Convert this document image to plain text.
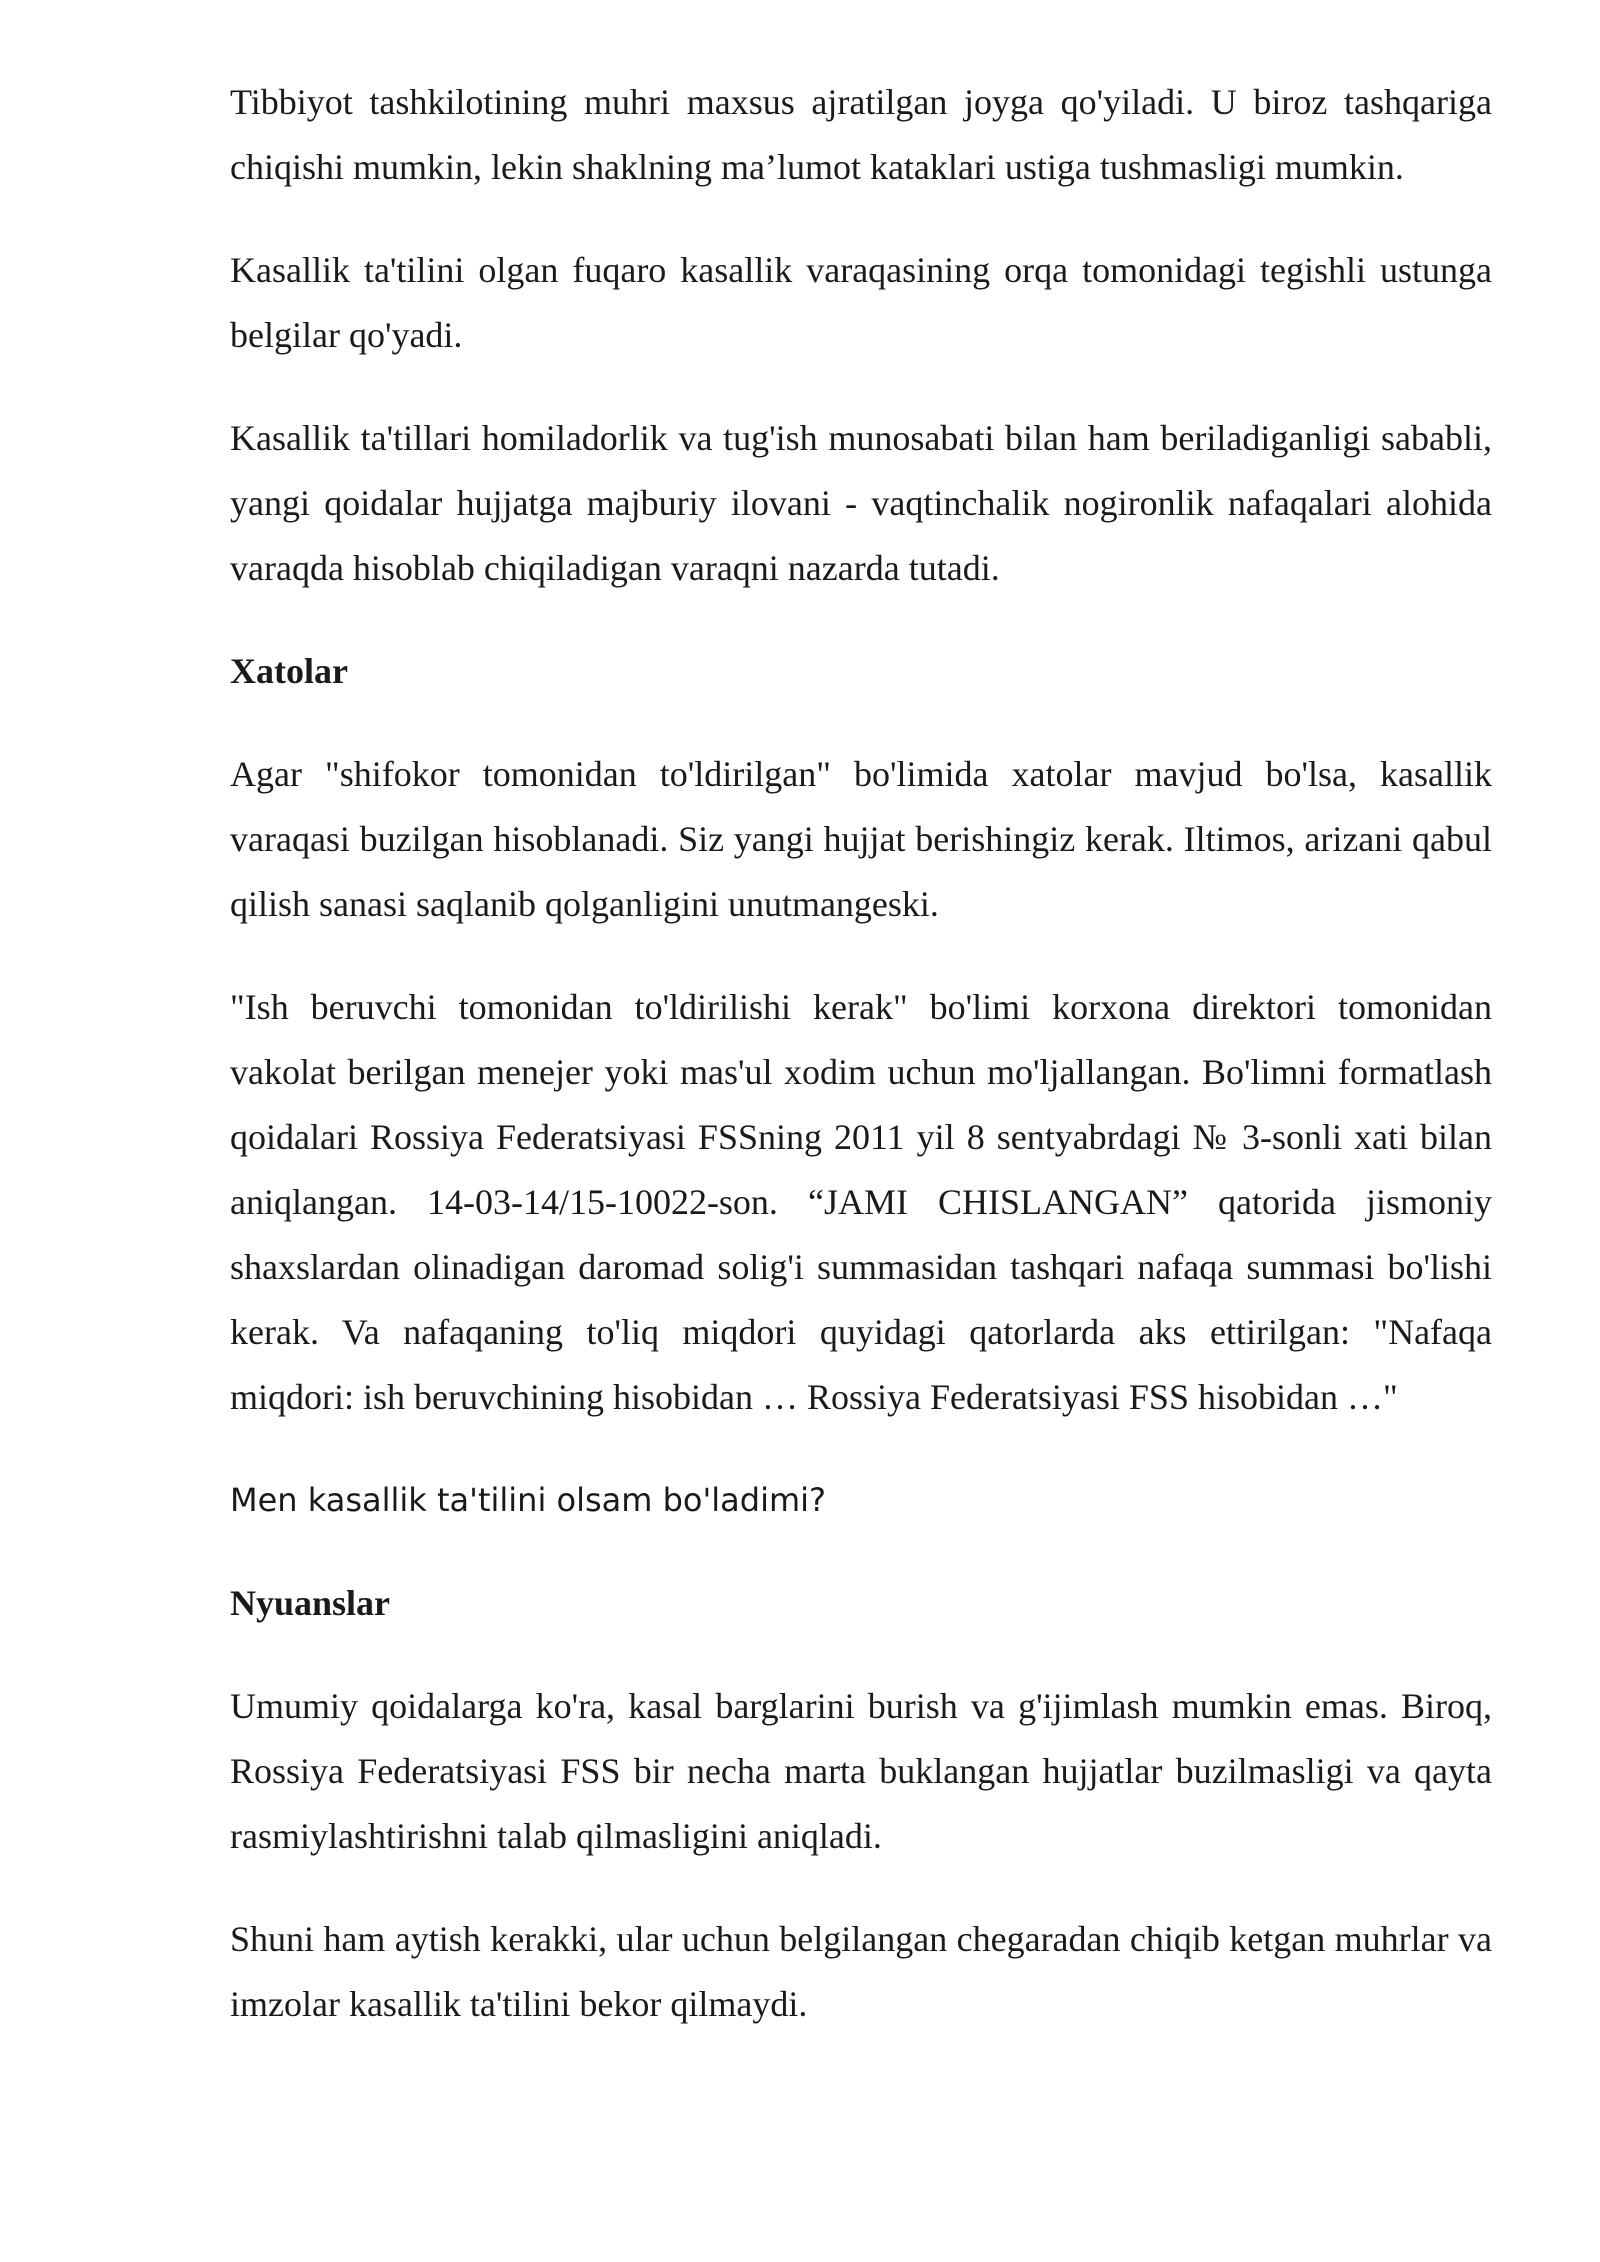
Tibbiyot tashkilotining muhri maxsus ajratilgan joyga qo'yiladi. U biroz tashqariga chiqishi mumkin, lekin shaklning ma’lumot kataklari ustiga tushmasligi mumkin.

Kasallik ta'tilini olgan fuqaro kasallik varaqasining orqa tomonidagi tegishli ustunga belgilar qo'yadi.

Kasallik ta'tillari homiladorlik va tug'ish munosabati bilan ham beriladiganligi sababli, yangi qoidalar hujjatga majburiy ilovani - vaqtinchalik nogironlik nafaqalari alohida varaqda hisoblab chiqiladigan varaqni nazarda tutadi.

Xatolar

Agar "shifokor tomonidan to'ldirilgan" bo'limida xatolar mavjud bo'lsa, kasallik varaqasi buzilgan hisoblanadi. Siz yangi hujjat berishingiz kerak. Iltimos, arizani qabul qilish sanasi saqlanib qolganligini unutmangeski.

"Ish beruvchi tomonidan to'ldirilishi kerak" bo'limi korxona direktori tomonidan vakolat berilgan menejer yoki mas'ul xodim uchun mo'ljallangan. Bo'limni formatlash qoidalari Rossiya Federatsiyasi FSSning 2011 yil 8 sentyabrdagi № 3-sonli xati bilan aniqlangan. 14-03-14/15-10022-son. “JAMI CHISLANGAN” qatorida jismoniy shaxslardan olinadigan daromad solig'i summasidan tashqari nafaqa summasi bo'lishi kerak. Va nafaqaning to'liq miqdori quyidagi qatorlarda aks ettirilgan: "Nafaqa miqdori: ish beruvchining hisobidan … Rossiya Federatsiyasi FSS hisobidan …"

Men kasallik ta'tilini olsam bo'ladimi?

Nyuanslar

Umumiy qoidalarga ko'ra, kasal barglarini burish va g'ijimlash mumkin emas. Biroq, Rossiya Federatsiyasi FSS bir necha marta buklangan hujjatlar buzilmasligi va qayta rasmiylashtirishni talab qilmasligini aniqladi.

Shuni ham aytish kerakki, ular uchun belgilangan chegaradan chiqib ketgan muhrlar va imzolar kasallik ta'tilini bekor qilmaydi.
